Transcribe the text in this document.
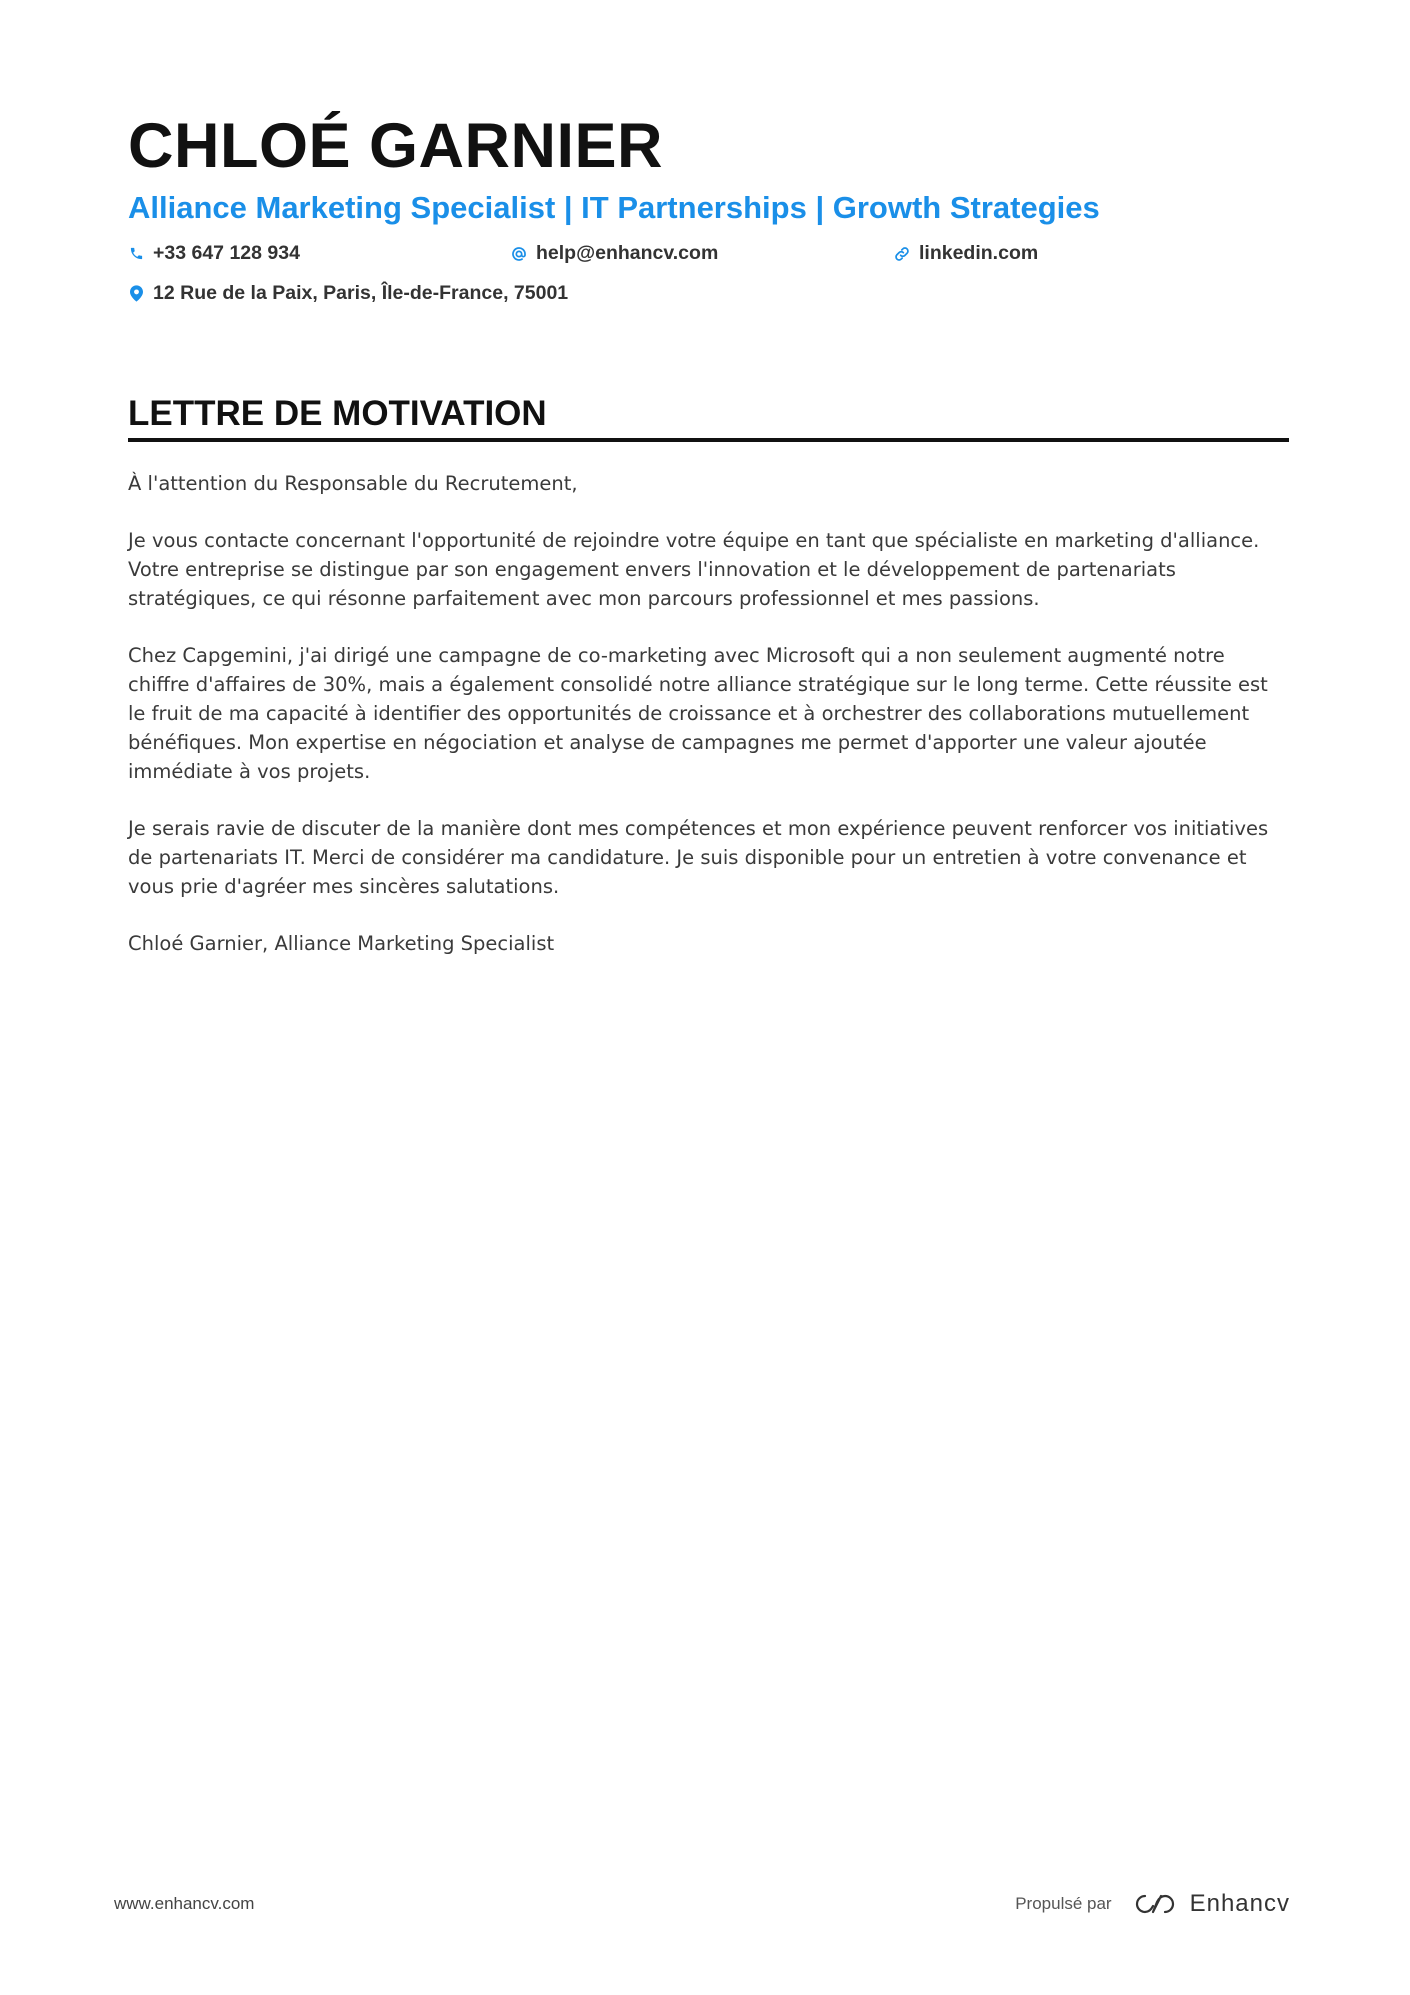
CHLOÉ GARNIER
Alliance Marketing Specialist | IT Partnerships | Growth Strategies
+33 647 128 934	help@enhancv.com	linkedin.com
12 Rue de la Paix, Paris, Île-de-France, 75001
LETTRE DE MOTIVATION

À l'attention du Responsable du Recrutement,

Je vous contacte concernant l'opportunité de rejoindre votre équipe en tant que spécialiste en marketing d'alliance. Votre entreprise se distingue par son engagement envers l'innovation et le développement de partenariats stratégiques, ce qui résonne parfaitement avec mon parcours professionnel et mes passions.

Chez Capgemini, j'ai dirigé une campagne de co-marketing avec Microsoft qui a non seulement augmenté notre chiffre d'affaires de 30%, mais a également consolidé notre alliance stratégique sur le long terme. Cette réussite est le fruit de ma capacité à identifier des opportunités de croissance et à orchestrer des collaborations mutuellement bénéfiques. Mon expertise en négociation et analyse de campagnes me permet d'apporter une valeur ajoutée immédiate à vos projets.

Je serais ravie de discuter de la manière dont mes compétences et mon expérience peuvent renforcer vos initiatives de partenariats IT. Merci de considérer ma candidature. Je suis disponible pour un entretien à votre convenance et vous prie d'agréer mes sincères salutations.

Chloé Garnier, Alliance Marketing Specialist

www.enhancv.com	Propulsé par	Enhancv
